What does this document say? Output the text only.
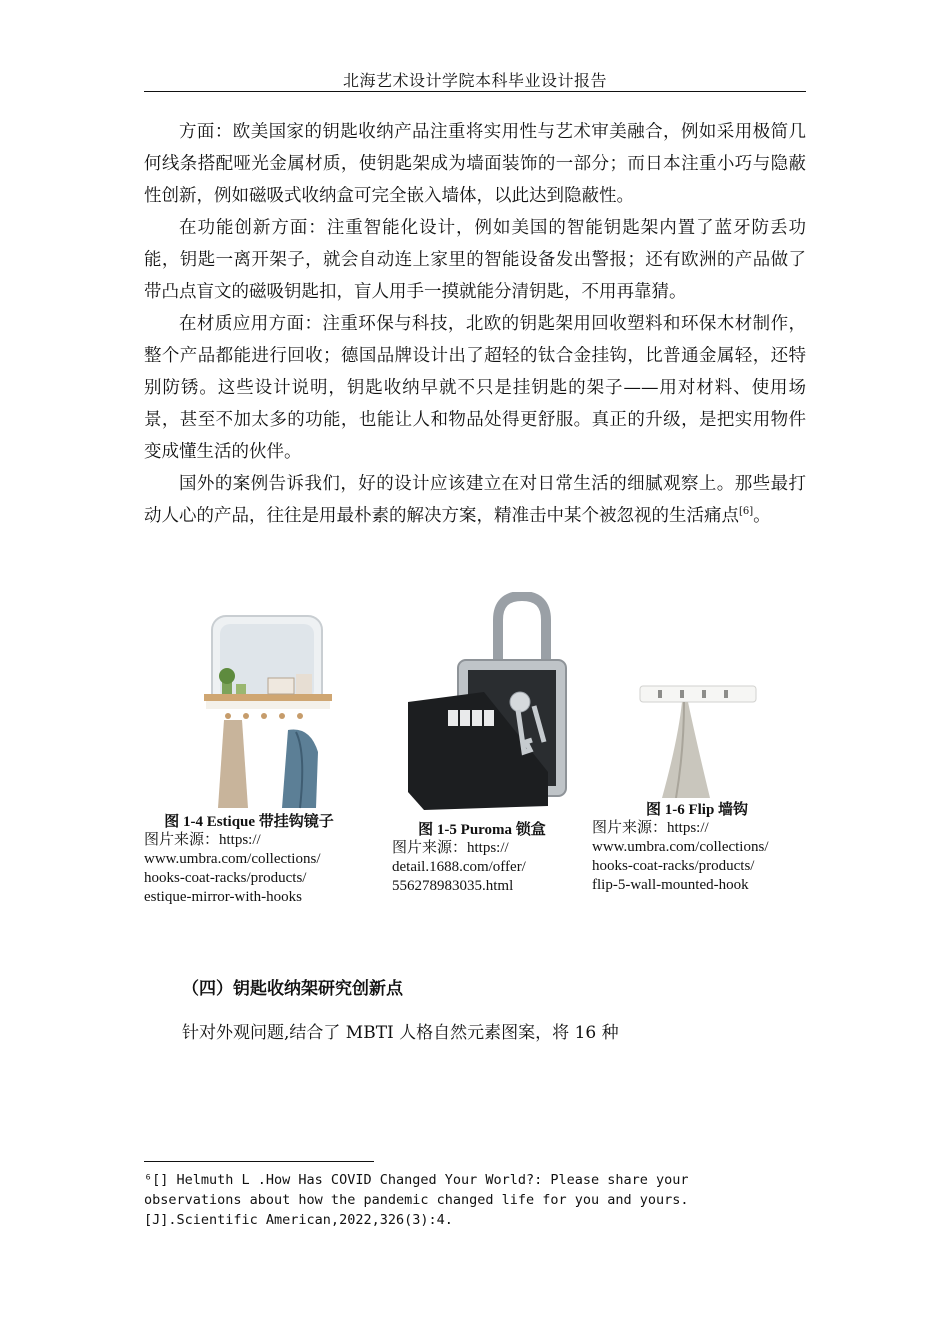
北海艺术设计学院本科毕业设计报告

方面：欧美国家的钥匙收纳产品注重将实用性与艺术审美融合，例如采用极简几何线条搭配哑光金属材质，使钥匙架成为墙面装饰的一部分；而日本注重小巧与隐蔽性创新，例如磁吸式收纳盒可完全嵌入墙体，以此达到隐蔽性。

在功能创新方面：注重智能化设计，例如美国的智能钥匙架内置了蓝牙防丢功能，钥匙一离开架子，就会自动连上家里的智能设备发出警报；还有欧洲的产品做了带凸点盲文的磁吸钥匙扣，盲人用手一摸就能分清钥匙，不用再靠猜。

在材质应用方面：注重环保与科技，北欧的钥匙架用回收塑料和环保木材制作，整个产品都能进行回收；德国品牌设计出了超轻的钛合金挂钩，比普通金属轻，还特别防锈。这些设计说明，钥匙收纳早就不只是挂钥匙的架子——用对材料、使用场景，甚至不加太多的功能，也能让人和物品处得更舒服。真正的升级，是把实用物件变成懂生活的伙伴。

国外的案例告诉我们，好的设计应该建立在对日常生活的细腻观察上。那些最打动人心的产品，往往是用最朴素的解决方案，精准击中某个被忽视的生活痛点[6]。

图 1-4 Estique 带挂钩镜子
图片来源：https://
www.umbra.com/collections/
hooks-coat-racks/products/
estique-mirror-with-hooks
图 1-5 Puroma 锁盒
图片来源：https://
detail.1688.com/offer/
556278983035.html
图 1-6 Flip 墙钩
图片来源：https://
www.umbra.com/collections/
hooks-coat-racks/products/
flip-5-wall-mounted-hook
（四）钥匙收纳架研究创新点
针对外观问题,结合了 MBTI 人格自然元素图案，将 16 种
⁶[] Helmuth L .How Has COVID Changed Your World?: Please share your
observations about how the pandemic changed life for you and yours.
[J].Scientific American,2022,326(3):4.
